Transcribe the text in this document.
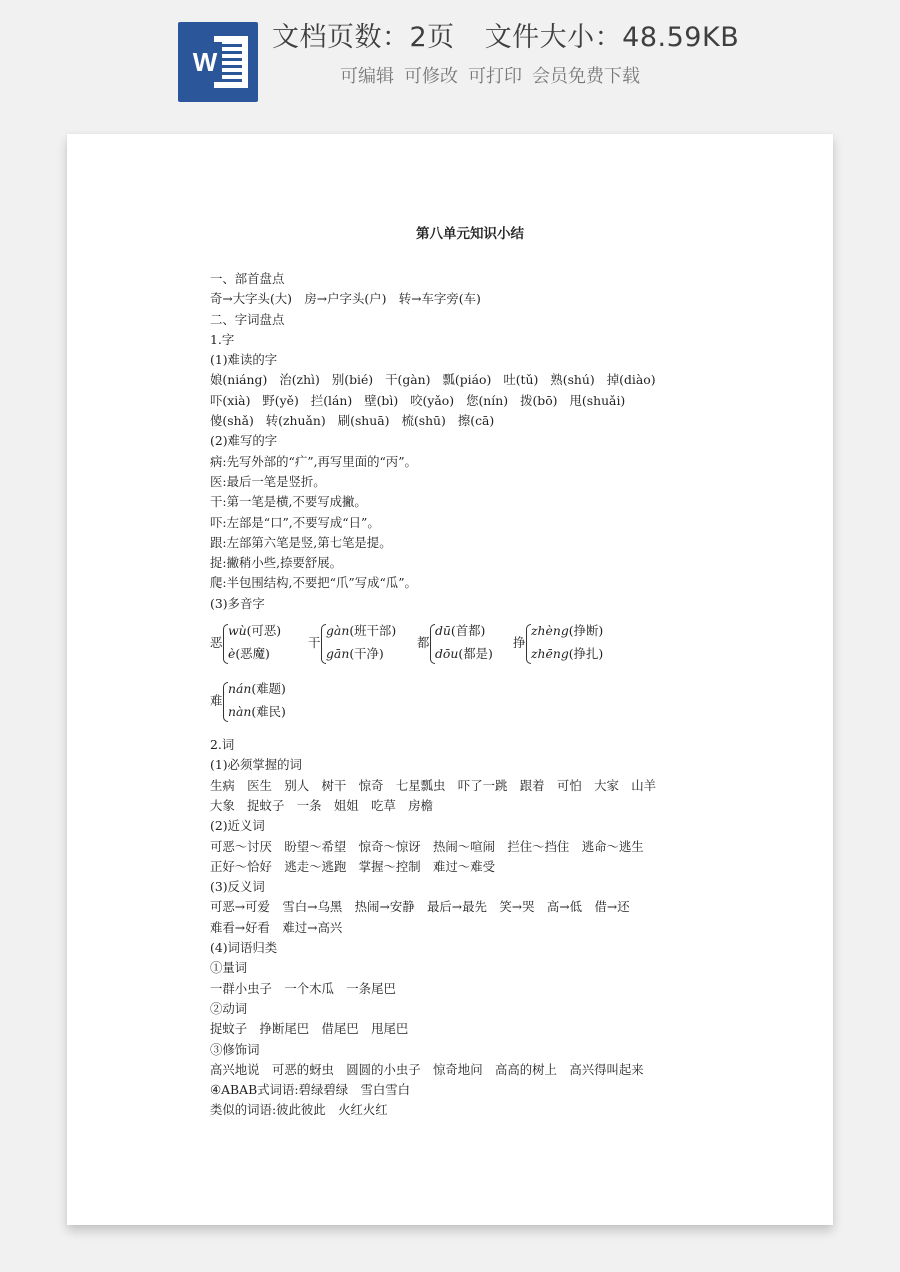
W
文档页数：2页 文件大小：48.59KB
可编辑 可修改 可打印 会员免费下载
第八单元知识小结
一、部首盘点
奇→大字头(大)　房→户字头(户)　转→车字旁(车)
二、字词盘点
1.字
(1)难读的字
娘(niáng) 治(zhì) 别(bié) 干(gàn) 瓢(piáo) 吐(tǔ) 熟(shú) 掉(diào)
吓(xià) 野(yě) 拦(lán) 壁(bì) 咬(yǎo) 您(nín) 拨(bō) 甩(shuǎi)
傻(shǎ) 转(zhuǎn) 刷(shuā) 梳(shū) 擦(cā)
(2)难写的字
病:先写外部的“疒”,再写里面的“丙”。
医:最后一笔是竖折。
干:第一笔是横,不要写成撇。
吓:左部是“口”,不要写成“日”。
跟:左部第六笔是竖,第七笔是提。
捉:撇稍小些,捺要舒展。
爬:半包围结构,不要把“爪”写成“瓜”。
(3)多音字
恶
wù(可恶)
è(恶魔)
干
gàn(班干部)
gān(干净)
都
dū(首都)
dōu(都是)
挣
zhèng(挣断)
zhēng(挣扎)
难
nán(难题)
nàn(难民)
2.词
(1)必须掌握的词
生病　医生　别人　树干　惊奇　七星瓢虫　吓了一跳　跟着　可怕　大家　山羊
大象　捉蚊子　一条　姐姐　吃草　房檐
(2)近义词
可恶～讨厌　盼望～希望　惊奇～惊讶　热闹～喧闹　拦住～挡住　逃命～逃生
正好～恰好　逃走～逃跑　掌握～控制　难过～难受
(3)反义词
可恶→可爱　雪白→乌黑　热闹→安静　最后→最先　笑→哭　高→低　借→还
难看→好看　难过→高兴
(4)词语归类
①量词
一群小虫子　一个木瓜　一条尾巴
②动词
捉蚊子　挣断尾巴　借尾巴　甩尾巴
③修饰词
高兴地说　可恶的蚜虫　圆圆的小虫子　惊奇地问　高高的树上　高兴得叫起来
④ABAB式词语:碧绿碧绿　雪白雪白
类似的词语:彼此彼此　火红火红
